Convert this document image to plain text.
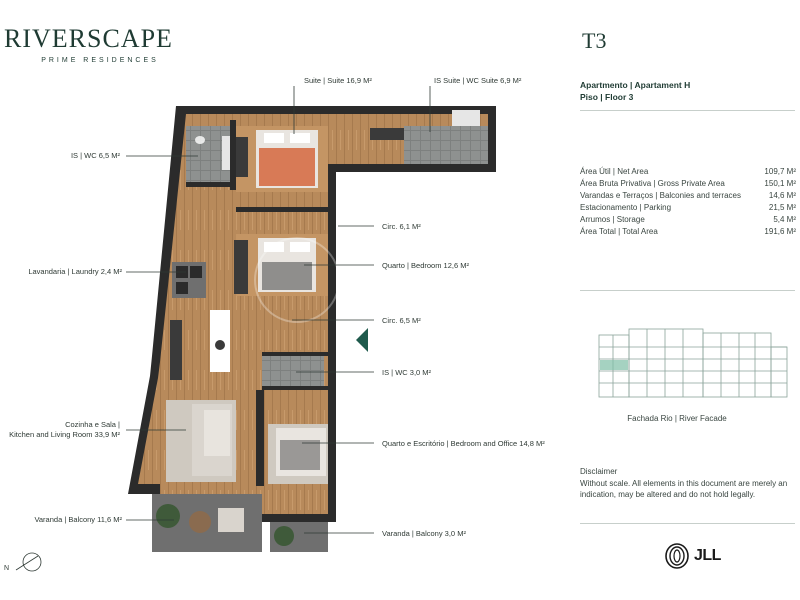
RIVERSCAPE
PRIME RESIDENCES
Suite | Suite 16,9 M²	IS Suite | WC Suite 6,9 M²
IS | WC 6,5 M²
Circ. 6,1 M²
Lavandaria | Laundry 2,4 M²
Quarto | Bedroom 12,6 M²
Circ. 6,5 M²
IS | WC 3,0 M²
Cozinha e Sala |
Kitchen and Living Room 33,9 M²
Quarto e Escritório | Bedroom and Office 14,8 M²
Varanda | Balcony 11,6 M²
Varanda | Balcony 3,0 M²
N
T3
Apartmento | Apartament H
Piso | Floor 3
Área Útil | Net Area	109,7 M²
Área Bruta Privativa | Gross Private Area	150,1 M²
Varandas e Terraços | Balconies and terraces	14,6 M²
Estacionamento | Parking	21,5 M²
Arrumos | Storage	5,4 M²
Área Total | Total Area	191,6 M²
Fachada Rio | River Facade
Disclaimer
Without scale. All elements in this document are merely an indication, may be altered and do not hold legally.
JLL
